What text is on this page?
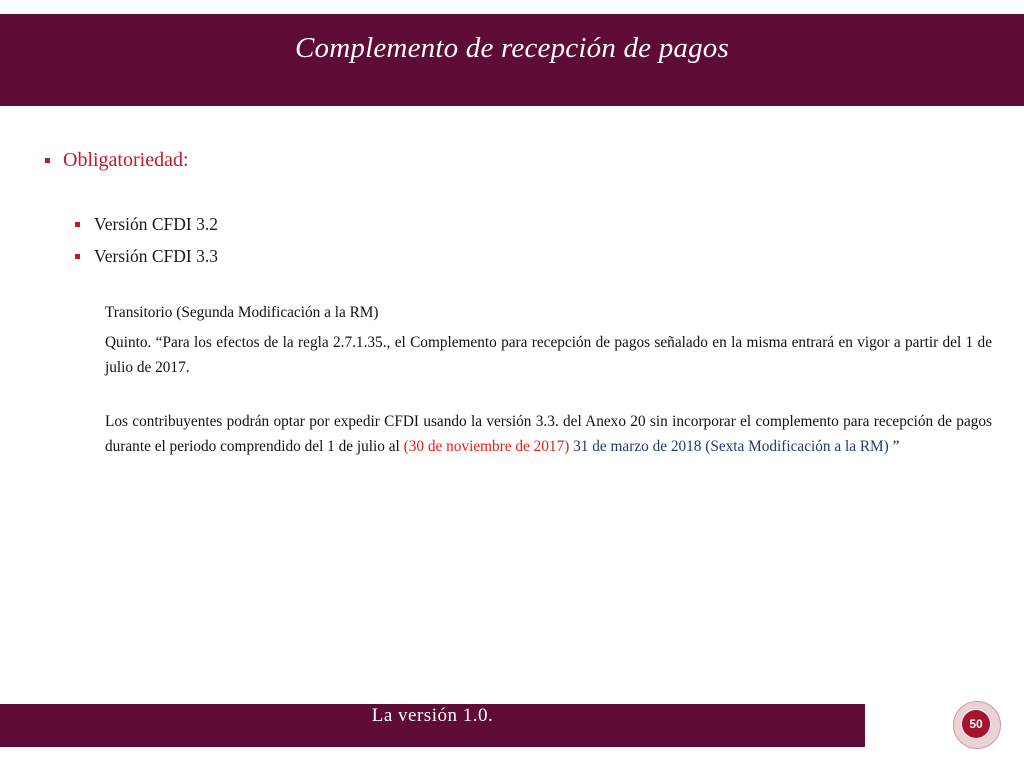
Complemento de recepción de pagos
Obligatoriedad:
Versión CFDI 3.2
Versión CFDI 3.3
Transitorio (Segunda Modificación a la RM)
Quinto. “Para los efectos de la regla 2.7.1.35., el Complemento para recepción de pagos señalado en la misma entrará en vigor a partir del 1 de julio de 2017.
Los contribuyentes podrán optar por expedir CFDI usando la versión 3.3. del Anexo 20 sin incorporar el complemento para recepción de pagos durante el periodo comprendido del 1 de julio al (30 de noviembre de 2017) 31 de marzo de 2018 (Sexta Modificación a la RM) ”
La versión 1.0.	50
